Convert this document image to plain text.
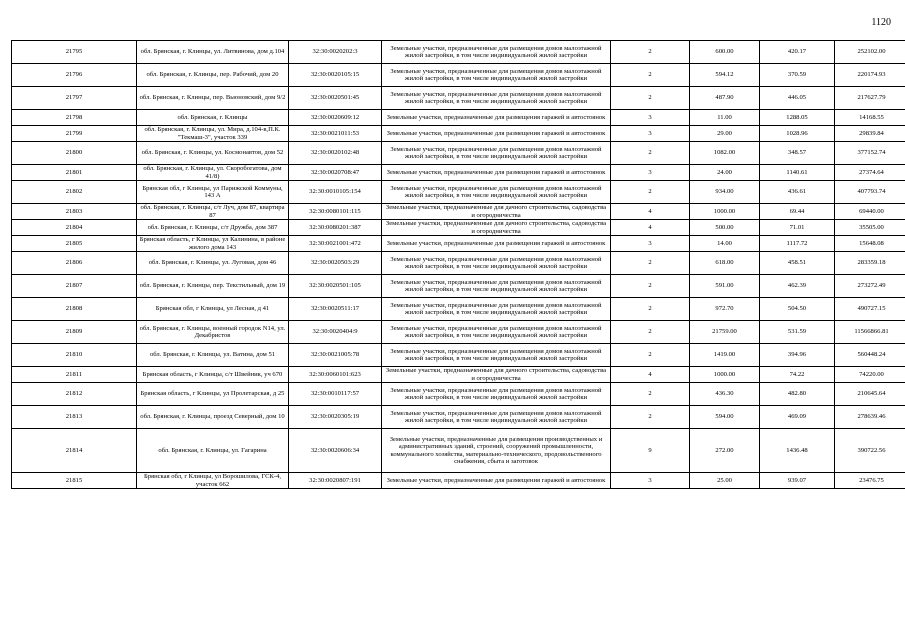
1120
21795	обл. Брянская, г. Клинцы, ул. Литвинова, дом д.104	32:30:0020202:3	Земельные участки, предназначенные для размещения домов малоэтажной жилой застройки, в том числе индивидуальной жилой застройки	2	600.00	420.17	252102.00
21796	обл. Брянская, г. Клинцы, пер. Рабочий, дом 20	32:30:0020105:15	Земельные участки, предназначенные для размещения домов малоэтажной жилой застройки, в том числе индивидуальной жилой застройки	2	594.12	370.59	220174.93
21797	обл. Брянская, г. Клинцы, пер. Вьюновский, дом 9/2	32:30:0020501:45	Земельные участки, предназначенные для размещения домов малоэтажной жилой застройки, в том числе индивидуальной жилой застройки	2	487.90	446.05	217627.79
21798	обл. Брянская, г. Клинцы	32:30:0020609:12	Земельные участки, предназначенные для размещения гаражей и автостоянок	3	11.00	1288.05	14168.55
21799	обл. Брянская, г. Клинцы, ул. Мира, д.104-в,П.К. "Текмаш-3", участок 339	32:30:0021011:53	Земельные участки, предназначенные для размещения гаражей и автостоянок	3	29.00	1028.96	29839.84
21800	обл. Брянская, г. Клинцы, ул. Космонавтов, дом 52	32:30:0020102:48	Земельные участки, предназначенные для размещения домов малоэтажной жилой застройки, в том числе индивидуальной жилой застройки	2	1082.00	348.57	377152.74
21801	обл. Брянская, г. Клинцы, ул. Скоробогатова, дом 41/8)	32:30:0020708:47	Земельные участки, предназначенные для размещения гаражей и автостоянок	3	24.00	1140.61	27374.64
21802	Брянская обл, г Клинцы, ул Парижской Коммуны, 143 А	32:30:0010105:154	Земельные участки, предназначенные для размещения домов малоэтажной жилой застройки, в том числе индивидуальной жилой застройки	2	934.00	436.61	407793.74
21803	обл. Брянская, г. Клинцы, с/т Луч, дом 87, квартира 87	32:30:0080101:115	Земельные участки, предназначенные для дачного строительства, садоводства и огородничества	4	1000.00	69.44	69440.00
21804	обл. Брянская, г. Клинцы, с/т Дружба, дом 387	32:30:0080201:387	Земельные участки, предназначенные для дачного строительства, садоводства и огородничества	4	500.00	71.01	35505.00
21805	Брянская область, г Клинцы, ул Калинина, в районе жилого дома 143	32:30:0021001:472	Земельные участки, предназначенные для размещения гаражей и автостоянок	3	14.00	1117.72	15648.08
21806	обл. Брянская, г. Клинцы, ул. Луговая, дом 46	32:30:0020503:29	Земельные участки, предназначенные для размещения домов малоэтажной жилой застройки, в том числе индивидуальной жилой застройки	2	618.00	458.51	283359.18
21807	обл. Брянская, г. Клинцы, пер. Текстильный, дом 19	32:30:0020501:105	Земельные участки, предназначенные для размещения домов малоэтажной жилой застройки, в том числе индивидуальной жилой застройки	2	591.00	462.39	273272.49
21808	Брянская обл, г Клинцы, ул Лесная, д 41	32:30:0020511:17	Земельные участки, предназначенные для размещения домов малоэтажной жилой застройки, в том числе индивидуальной жилой застройки	2	972.70	504.50	490727.15
21809	обл. Брянская, г. Клинцы, военный городок N14, ул. Декабристов	32:30:0020404:9	Земельные участки, предназначенные для размещения домов малоэтажной жилой застройки, в том числе индивидуальной жилой застройки	2	21759.00	531.59	11566866.81
21810	обл. Брянская, г. Клинцы, ул. Ватина, дом 51	32:30:0021005:78	Земельные участки, предназначенные для размещения домов малоэтажной жилой застройки, в том числе индивидуальной жилой застройки	2	1419.00	394.96	560448.24
21811	Брянская область, г Клинцы, с/т Швейник, уч 670	32:30:0060101:623	Земельные участки, предназначенные для дачного строительства, садоводства и огородничества	4	1000.00	74.22	74220.00
21812	Брянская область, г Клинцы, ул Пролетарская, д 25	32:30:0010117:57	Земельные участки, предназначенные для размещения домов малоэтажной жилой застройки, в том числе индивидуальной жилой застройки	2	436.30	482.80	210645.64
21813	обл. Брянская, г. Клинцы, проезд Северный, дом 10	32:30:0020305:19	Земельные участки, предназначенные для размещения домов малоэтажной жилой застройки, в том числе индивидуальной жилой застройки	2	594.00	469.09	278639.46
21814	обл. Брянская, г. Клинцы, ул. Гагарина	32:30:0020606:34	Земельные участки, предназначенные для размещения производственных и административных зданий, строений, сооружений промышленности, коммунального хозяйства, материально-технического, продовольственного снабжения, сбыта и заготовок	9	272.00	1436.48	390722.56
21815	Брянская обл, г Клинцы, ул Ворошилова, ГСК-4, участок 662	32:30:0020807:191	Земельные участки, предназначенные для размещения гаражей и автостоянок	3	25.00	939.07	23476.75
